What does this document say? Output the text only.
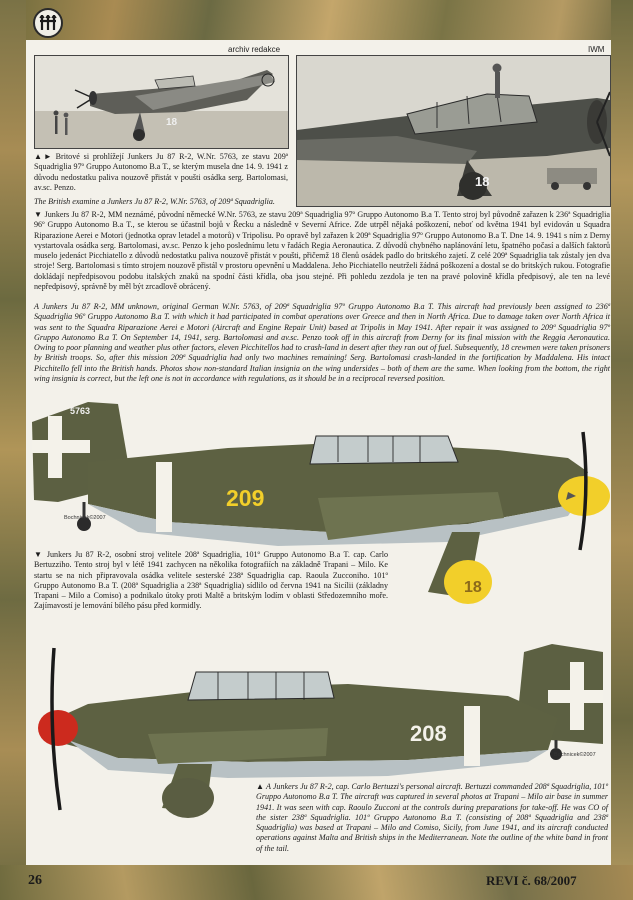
archiv redakce	IWM
18
18
▲► Britové si prohlížejí Junkers Ju 87 R-2, W.Nr. 5763, ze stavu 209ª Squadriglia 97º Gruppo Autonomo B.a T., se kterým musela dne 14. 9. 1941 z důvodu nedostatku paliva nouzově přistát v poušti osádka serg. Bartolomasi, av.sc. Penzo.
The British examine a Junkers Ju 87 R-2, W.Nr. 5763, of 209ª Squadriglia.
▼ Junkers Ju 87 R-2, MM neznámé, původní německé W.Nr. 5763, ze stavu 209ª Squadriglia 97º Gruppo Autonomo B.a T. Tento stroj byl původně zařazen k 236ª Squadriglia 96º Gruppo Autonomo B.a T., se kterou se účastnil bojů v Řecku a následně v Severní Africe. Zde utrpěl nějaká poškození, neboť od května 1941 byl evidován u Squadra Riparazione Aerei e Motori (jednotka oprav letadel a motorů) v Tripolisu. Po opravě byl zařazen k 209ª Squadriglia 97º Gruppo Autonomo B.a T. Dne 14. 9. 1941 s ním z Derny vystartovala osádka serg. Bartolomasi, av.sc. Penzo k jeho poslednímu letu v řadách Regia Aeronautica. Z důvodů chybného naplánování letu, špatného počasí a dalších faktorů muselo jedenáct Picchiatello z důvodů nedostatku paliva nouzově přistát v poušti, přičemž 18 členů osádek padlo do britského zajetí. Z celé 209ª Squadriglia tak zůstaly jen dva stroje! Serg. Bartolomasi s tímto strojem nouzově přistál v prostoru opevnění u Maddalena. Jeho Picchiatello neutrželi žádná poškození a dostal se do britských rukou. Fotografie dokládají nepředpisovou podobu italských znaků na spodní části křídla, oba jsou stejné. Při pohledu zezdola je ten na pravé polovině křídla předpisový, ale ten na levé nepředpisový, správně by měl být zrcadlově obrácený.
A Junkers Ju 87 R-2, MM unknown, original German W.Nr. 5763, of 209ª Squadriglia 97º Gruppo Autonomo B.a T. This aircraft had previously been assigned to 236ª Squadriglia 96º Gruppo Autonomo B.a T. with which it had participated in combat operations over Greece and then in North Africa. Due to damage taken over North Africa it was sent to the Squadra Riparazione Aerei e Motori (Aircraft and Engine Repair Unit) based at Tripolis in May 1941. After repair it was assigned to 209ª Squadriglia 97º Gruppo Autonomo B.a T. On September 14, 1941, serg. Bartolomasi and av.sc. Penzo took off in this aircraft from Derny for its final mission with the Reggia Aeronautica. Owing to poor planning and weather plus other factors, eleven Picchitellos had to crash-land in desert after they ran out of fuel. Subsequently, 18 crewmen were taken prisoners by British troops. So, after this mission 209ª Squadriglia had only two machines remaining! Serg. Bartolomasi crash-landed in the fortification by Maddalena. His intact Picchitello fell into the British hands. Photos show non-standard Italian insignia on the wing undersides – both of them are the same. When looking from the bottom, the right wing insignia is correct, but the left one is not in accordance with regulations, as it should be in a reciprocal reversed position.
5763
209
18
Bochnicek©2007
▼ Junkers Ju 87 R-2, osobní stroj velitele 208ª Squadriglia, 101º Gruppo Autonomo B.a T. cap. Carlo Bertuzziho. Tento stroj byl v létě 1941 zachycen na několika fotografiích na základně Trapani – Milo. Ke startu se na nich připravovala osádka velitele sesterské 238ª Squadriglia cap. Raoula Zucconiho. 101º Gruppo Autonomo B.a T. (208ª Squadriglia a 238ª Squadriglia) sídlilo od června 1941 na Sicílii (základny Trapani – Milo a Comiso) a podnikalo útoky proti Maltě a britským lodím v oblasti Středozemního moře. Zajímavostí je lemování bílého pásu před kormidly.
208
Bochnicek©2007
▲ A Junkers Ju 87 R-2, cap. Carlo Bertuzzi's personal aircraft. Bertuzzi commanded 208ª Squadriglia, 101º Gruppo Autonomo B.a T. The aircraft was captured in several photos at Trapani – Milo air base in summer 1941. It was seen with cap. Raoulo Zucconi at the controls during preparations for take-off. He was CO of the sister 238ª Squadriglia. 101º Gruppo Autonomo B.a T. (consisting of 208ª Squadriglia and 238ª Squadriglia) was based at Trapani – Milo and Comiso, Sicily, from June 1941, and its aircraft conducted operations against Malta and British ships in the Mediterranean. Note the outline of the white band in front of the tail.
26	REVI č. 68/2007
